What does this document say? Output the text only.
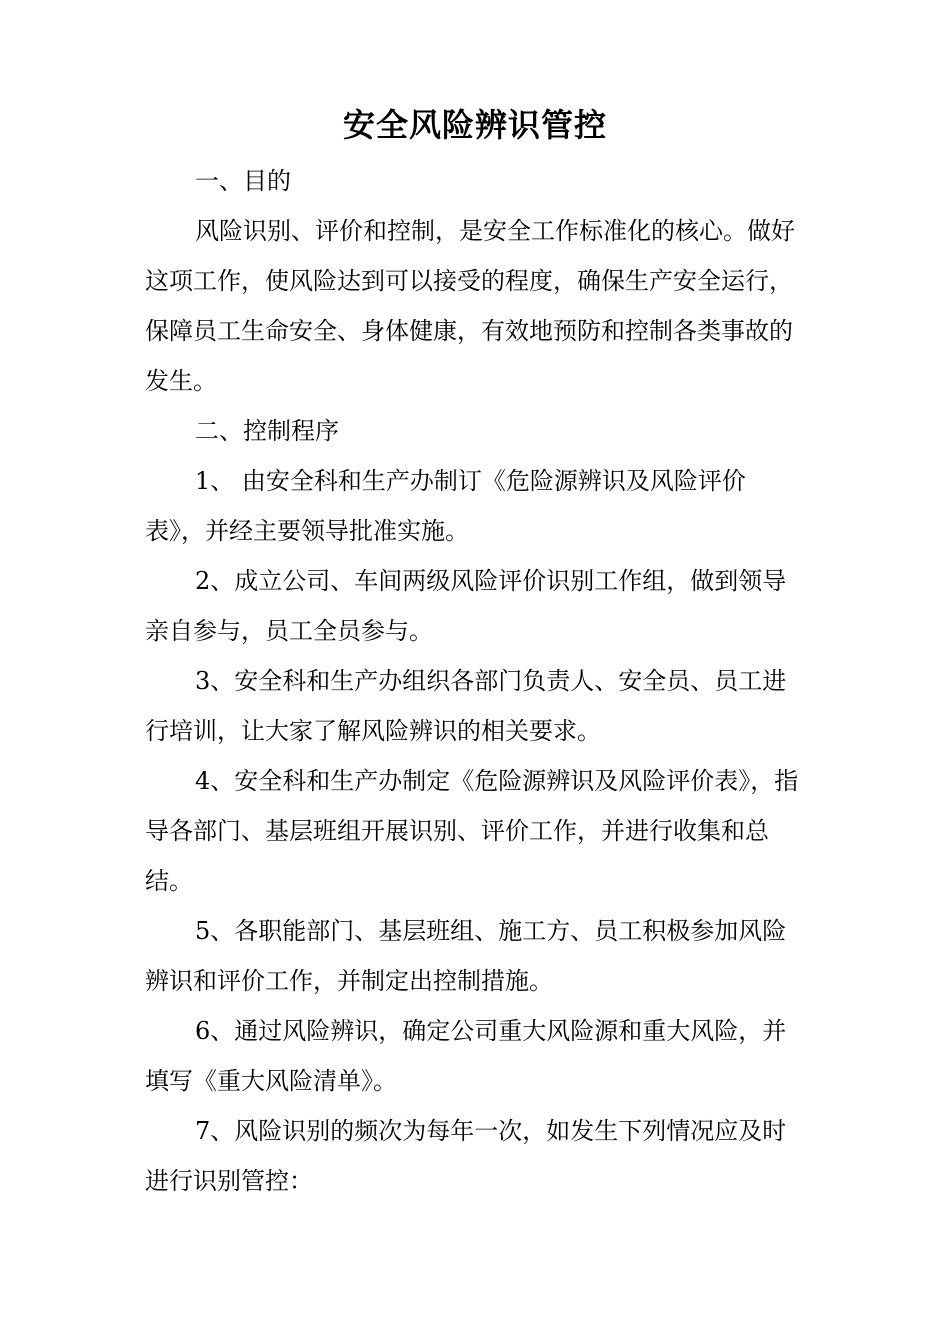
安全风险辨识管控

一、目的

风险识别、评价和控制，是安全工作标准化的核心。做好这项工作，使风险达到可以接受的程度，确保生产安全运行，保障员工生命安全、身体健康，有效地预防和控制各类事故的发生。

二、控制程序

1、 由安全科和生产办制订《危险源辨识及风险评价表》，并经主要领导批准实施。

2、成立公司、车间两级风险评价识别工作组，做到领导亲自参与，员工全员参与。

3、安全科和生产办组织各部门负责人、安全员、员工进行培训，让大家了解风险辨识的相关要求。

4、安全科和生产办制定《危险源辨识及风险评价表》，指导各部门、基层班组开展识别、评价工作，并进行收集和总结。

5、各职能部门、基层班组、施工方、员工积极参加风险辨识和评价工作，并制定出控制措施。

6、通过风险辨识，确定公司重大风险源和重大风险，并填写《重大风险清单》。

7、风险识别的频次为每年一次，如发生下列情况应及时进行识别管控：
